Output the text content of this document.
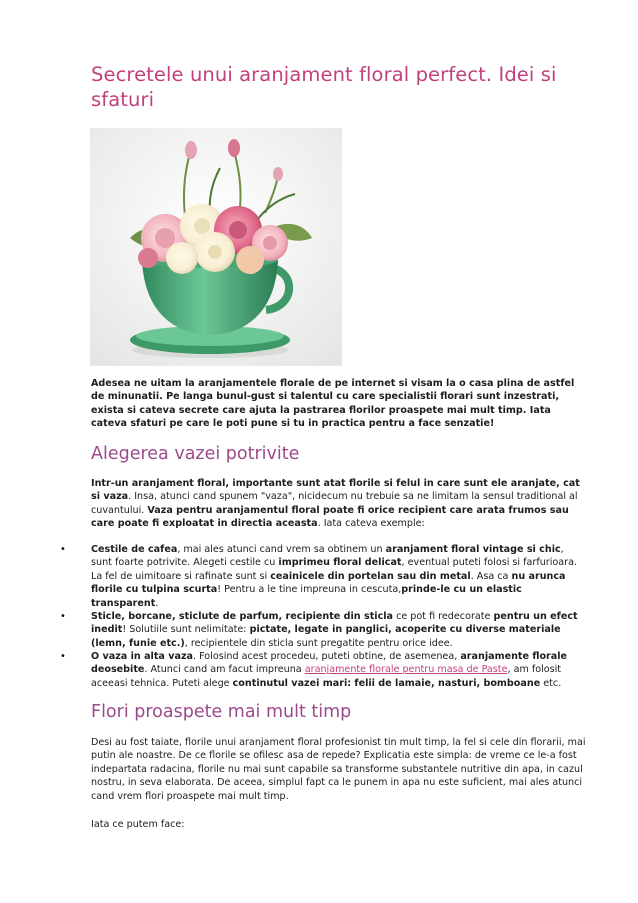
Secretele unui aranjament floral perfect. Idei si sfaturi

Adesea ne uitam la aranjamentele florale de pe internet si visam la o casa plina de astfel de minunatii. Pe langa bunul-gust si talentul cu care specialistii florari sunt inzestrati, exista si cateva secrete care ajuta la pastrarea florilor proaspete mai mult timp. Iata cateva sfaturi pe care le poti pune si tu in practica pentru a face senzatie!

Alegerea vazei potrivite

Intr-un aranjament floral, importante sunt atat florile si felul in care sunt ele aranjate, cat si vaza. Insa, atunci cand spunem "vaza", nicidecum nu trebuie sa ne limitam la sensul traditional al cuvantului. Vaza pentru aranjamentul floral poate fi orice recipient care arata frumos sau care poate fi exploatat in directia aceasta. Iata cateva exemple:

•	Cestile de cafea, mai ales atunci cand vrem sa obtinem un aranjament floral vintage si chic, sunt foarte potrivite. Alegeti cestile cu imprimeu floral delicat, eventual puteti folosi si farfurioara. La fel de uimitoare si rafinate sunt si ceainicele din portelan sau din metal. Asa ca nu arunca florile cu tulpina scurta! Pentru a le tine impreuna in cescuta,prinde-le cu un elastic transparent.

•	Sticle, borcane, sticlute de parfum, recipiente din sticla ce pot fi redecorate pentru un efect inedit! Solutiile sunt nelimitate: pictate, legate in panglici, acoperite cu diverse materiale (lemn, funie etc.), recipientele din sticla sunt pregatite pentru orice idee.

•	O vaza in alta vaza. Folosind acest procedeu, puteti obtine, de asemenea, aranjamente florale deosebite. Atunci cand am facut impreuna aranjamente florale pentru masa de Paste, am folosit aceeasi tehnica. Puteti alege continutul vazei mari: felii de lamaie, nasturi, bomboane etc.

Flori proaspete mai mult timp

Desi au fost taiate, florile unui aranjament floral profesionist tin mult timp, la fel si cele din florarii, mai putin ale noastre. De ce florile se ofilesc asa de repede? Explicatia este simpla: de vreme ce le-a fost indepartata radacina, florile nu mai sunt capabile sa transforme substantele nutritive din apa, in cazul nostru, in seva elaborata. De aceea, simplul fapt ca le punem in apa nu este suficient, mai ales atunci cand vrem flori proaspete mai mult timp.

Iata ce putem face:
